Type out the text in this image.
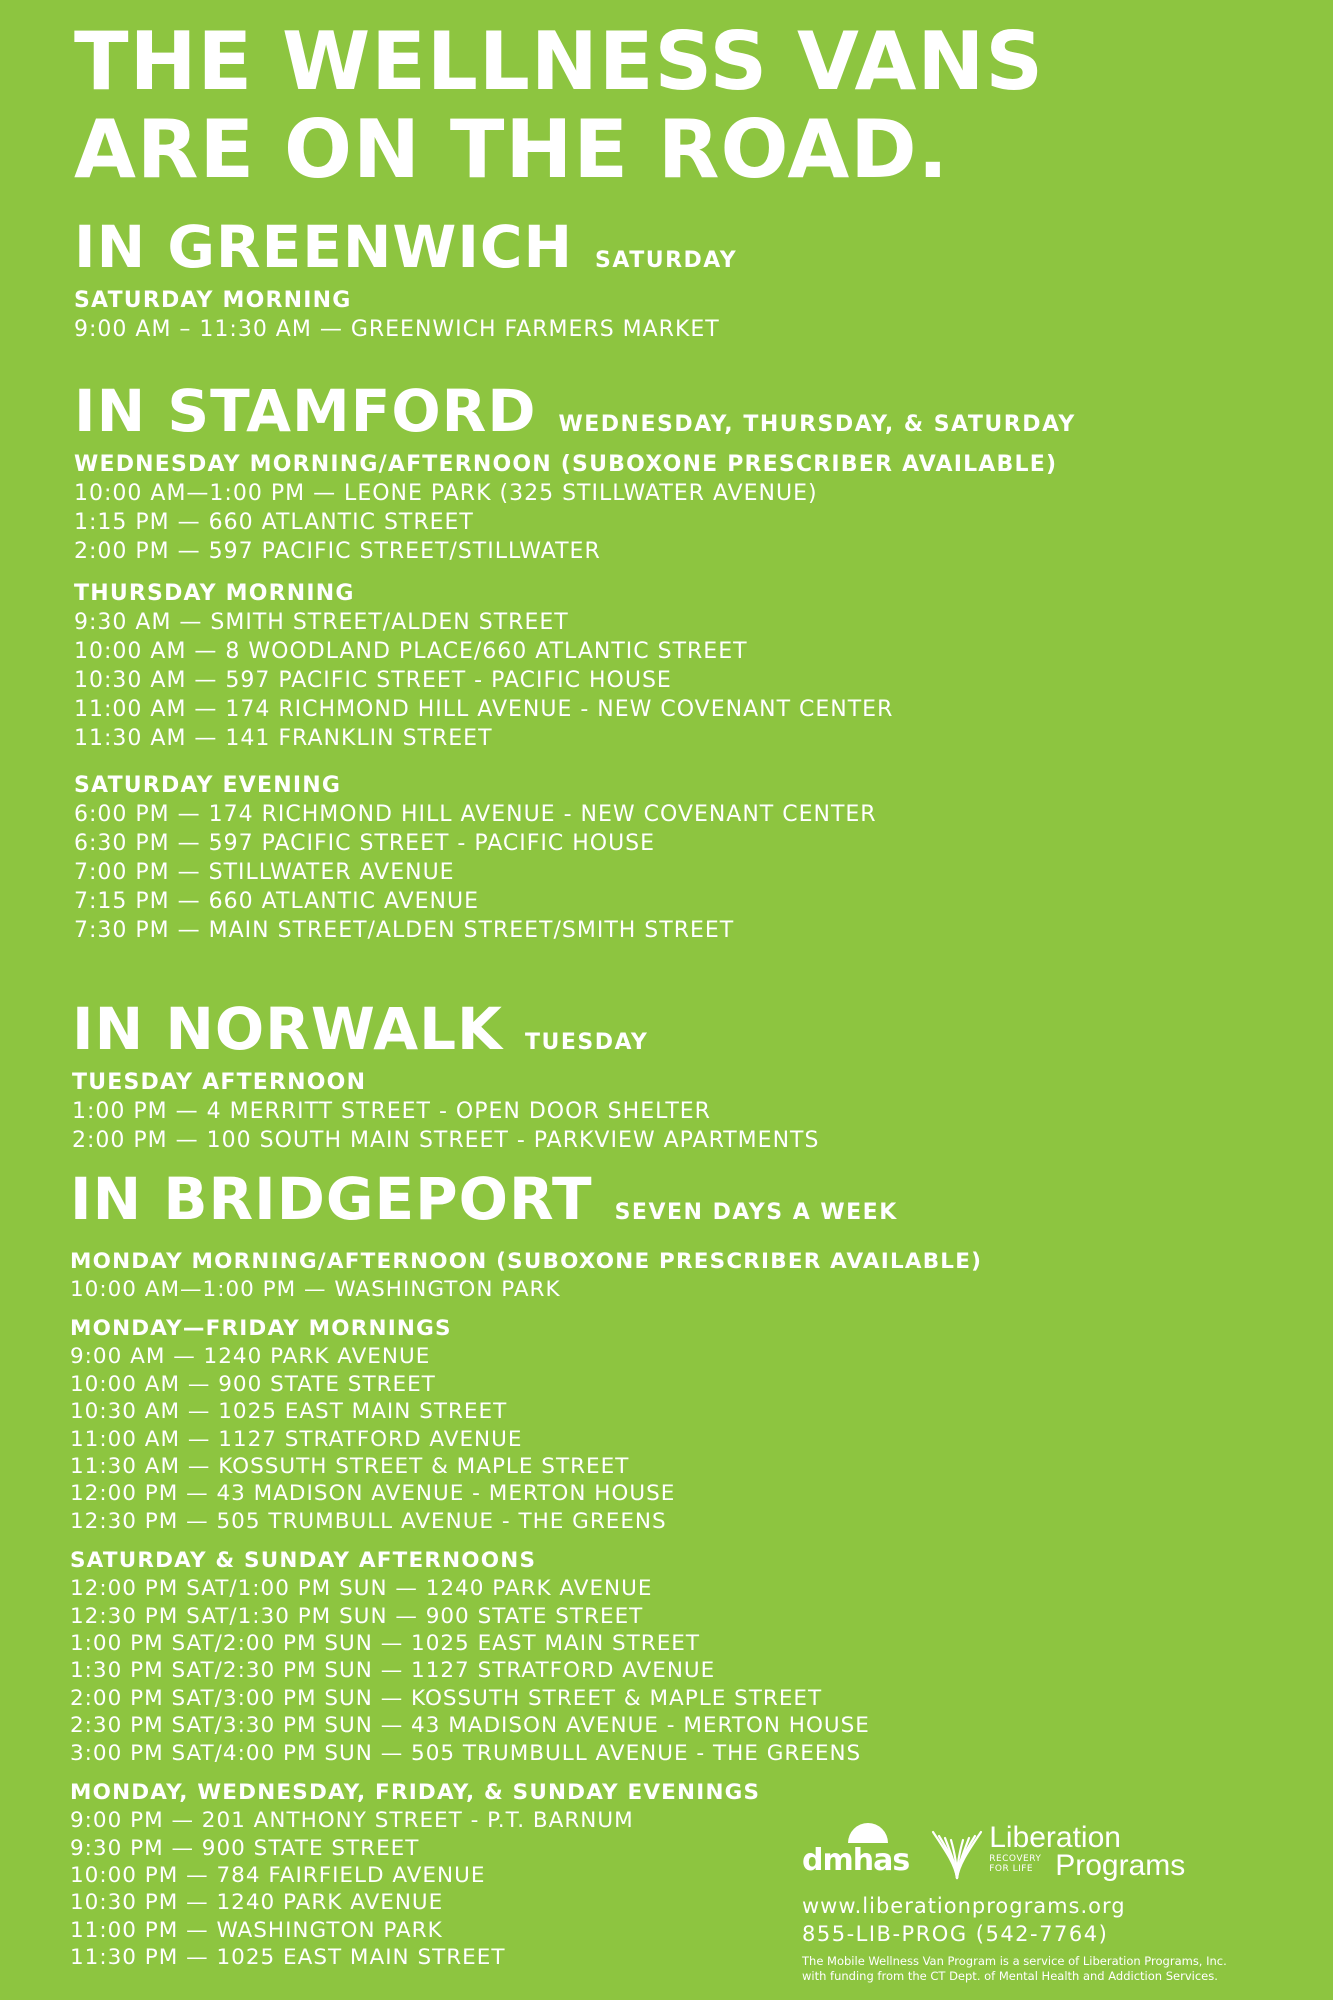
THE WELLNESS VANS
ARE ON THE ROAD.
IN GREENWICH SATURDAY
SATURDAY MORNING
9:00 AM – 11:30 AM — GREENWICH FARMERS MARKET
IN STAMFORD WEDNESDAY, THURSDAY, & SATURDAY
WEDNESDAY MORNING/AFTERNOON (SUBOXONE PRESCRIBER AVAILABLE)
10:00 AM—1:00 PM — LEONE PARK (325 STILLWATER AVENUE)
1:15 PM — 660 ATLANTIC STREET
2:00 PM — 597 PACIFIC STREET/STILLWATER
THURSDAY MORNING
9:30 AM — SMITH STREET/ALDEN STREET
10:00 AM — 8 WOODLAND PLACE/660 ATLANTIC STREET
10:30 AM — 597 PACIFIC STREET - PACIFIC HOUSE
11:00 AM — 174 RICHMOND HILL AVENUE - NEW COVENANT CENTER
11:30 AM — 141 FRANKLIN STREET
SATURDAY EVENING
6:00 PM — 174 RICHMOND HILL AVENUE - NEW COVENANT CENTER
6:30 PM — 597 PACIFIC STREET - PACIFIC HOUSE
7:00 PM — STILLWATER AVENUE
7:15 PM — 660 ATLANTIC AVENUE
7:30 PM — MAIN STREET/ALDEN STREET/SMITH STREET
IN NORWALK TUESDAY
TUESDAY AFTERNOON
1:00 PM — 4 MERRITT STREET - OPEN DOOR SHELTER
2:00 PM — 100 SOUTH MAIN STREET - PARKVIEW APARTMENTS
IN BRIDGEPORT SEVEN DAYS A WEEK
MONDAY MORNING/AFTERNOON (SUBOXONE PRESCRIBER AVAILABLE)
10:00 AM—1:00 PM — WASHINGTON PARK
MONDAY—FRIDAY MORNINGS
9:00 AM — 1240 PARK AVENUE
10:00 AM — 900 STATE STREET
10:30 AM — 1025 EAST MAIN STREET
11:00 AM — 1127 STRATFORD AVENUE
11:30 AM — KOSSUTH STREET & MAPLE STREET
12:00 PM — 43 MADISON AVENUE - MERTON HOUSE
12:30 PM — 505 TRUMBULL AVENUE - THE GREENS
SATURDAY & SUNDAY AFTERNOONS
12:00 PM SAT/1:00 PM SUN — 1240 PARK AVENUE
12:30 PM SAT/1:30 PM SUN — 900 STATE STREET
1:00 PM SAT/2:00 PM SUN — 1025 EAST MAIN STREET
1:30 PM SAT/2:30 PM SUN — 1127 STRATFORD AVENUE
2:00 PM SAT/3:00 PM SUN — KOSSUTH STREET & MAPLE STREET
2:30 PM SAT/3:30 PM SUN — 43 MADISON AVENUE - MERTON HOUSE
3:00 PM SAT/4:00 PM SUN — 505 TRUMBULL AVENUE - THE GREENS
MONDAY, WEDNESDAY, FRIDAY, & SUNDAY EVENINGS
9:00 PM — 201 ANTHONY STREET - P.T. BARNUM
9:30 PM — 900 STATE STREET
10:00 PM — 784 FAIRFIELD AVENUE
10:30 PM — 1240 PARK AVENUE
11:00 PM — WASHINGTON PARK
11:30 PM — 1025 EAST MAIN STREET
dmhas
Liberation
Programs
RECOVERY
FOR LIFE
www.liberationprograms.org
855-LIB-PROG (542-7764)
The Mobile Wellness Van Program is a service of Liberation Programs, Inc.
with funding from the CT Dept. of Mental Health and Addiction Services.
